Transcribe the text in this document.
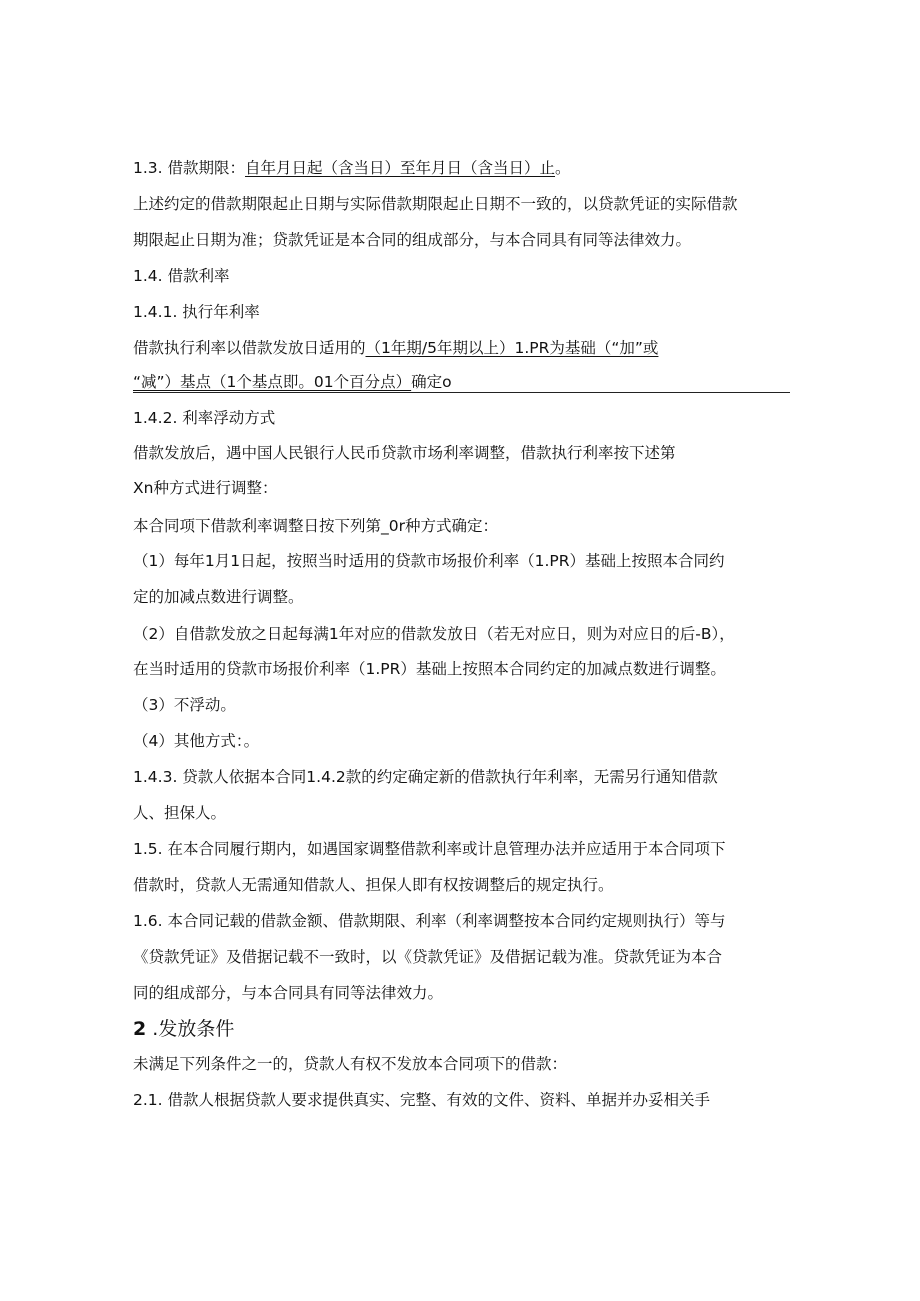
1.3. 借款期限：自年月日起（含当日）至年月日（含当日）止。

上述约定的借款期限起止日期与实际借款期限起止日期不一致的，以贷款凭证的实际借款

期限起止日期为准；贷款凭证是本合同的组成部分，与本合同具有同等法律效力。

1.4. 借款利率

1.4.1. 执行年利率

借款执行利率以借款发放日适用的（1年期/5年期以上）1.PR为基础（“加”或

“减”）基点（1个基点即。01个百分点）确定o

1.4.2. 利率浮动方式

借款发放后，遇中国人民银行人民币贷款市场利率调整，借款执行利率按下述第

Xn种方式进行调整：

本合同项下借款利率调整日按下列第_0r种方式确定：

（1）每年1月1日起，按照当时适用的贷款市场报价利率（1.PR）基础上按照本合同约

定的加减点数进行调整。

（2）自借款发放之日起每满1年对应的借款发放日（若无对应日，则为对应日的后-B），

在当时适用的贷款市场报价利率（1.PR）基础上按照本合同约定的加减点数进行调整。

（3）不浮动。

（4）其他方式：。

1.4.3. 贷款人依据本合同1.4.2款的约定确定新的借款执行年利率，无需另行通知借款

人、担保人。

1.5. 在本合同履行期内，如遇国家调整借款利率或计息管理办法并应适用于本合同项下

借款时，贷款人无需通知借款人、担保人即有权按调整后的规定执行。

1.6. 本合同记载的借款金额、借款期限、利率（利率调整按本合同约定规则执行）等与

《贷款凭证》及借据记载不一致时，以《贷款凭证》及借据记载为准。贷款凭证为本合

同的组成部分，与本合同具有同等法律效力。

2 .发放条件

未满足下列条件之一的，贷款人有权不发放本合同项下的借款：

2.1. 借款人根据贷款人要求提供真实、完整、有效的文件、资料、单据并办妥相关手
